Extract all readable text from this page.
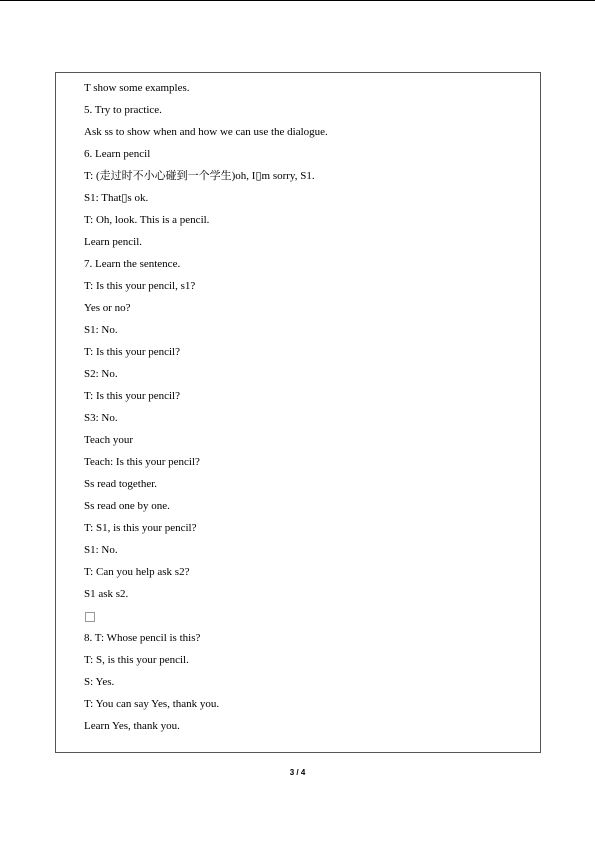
T show some examples.
5. Try to practice.
Ask ss to show when and how we can use the dialogue.
6. Learn pencil
T: (走过时不小心碰到一个学生)oh, I▯m sorry, S1.
S1: That▯s ok.
T: Oh, look. This is a pencil.
Learn pencil.
7. Learn the sentence.
T: Is this your pencil, s1?
Yes or no?
S1: No.
T: Is this your pencil?
S2: No.
T: Is this your pencil?
S3: No.
Teach your
Teach: Is this your pencil?
Ss read together.
Ss read one by one.
T: S1, is this your pencil?
S1: No.
T: Can you help ask s2?
S1 ask s2.
8. T: Whose pencil is this?
T: S, is this your pencil.
S: Yes.
T: You can say Yes, thank you.
Learn Yes, thank you.
3 / 4
